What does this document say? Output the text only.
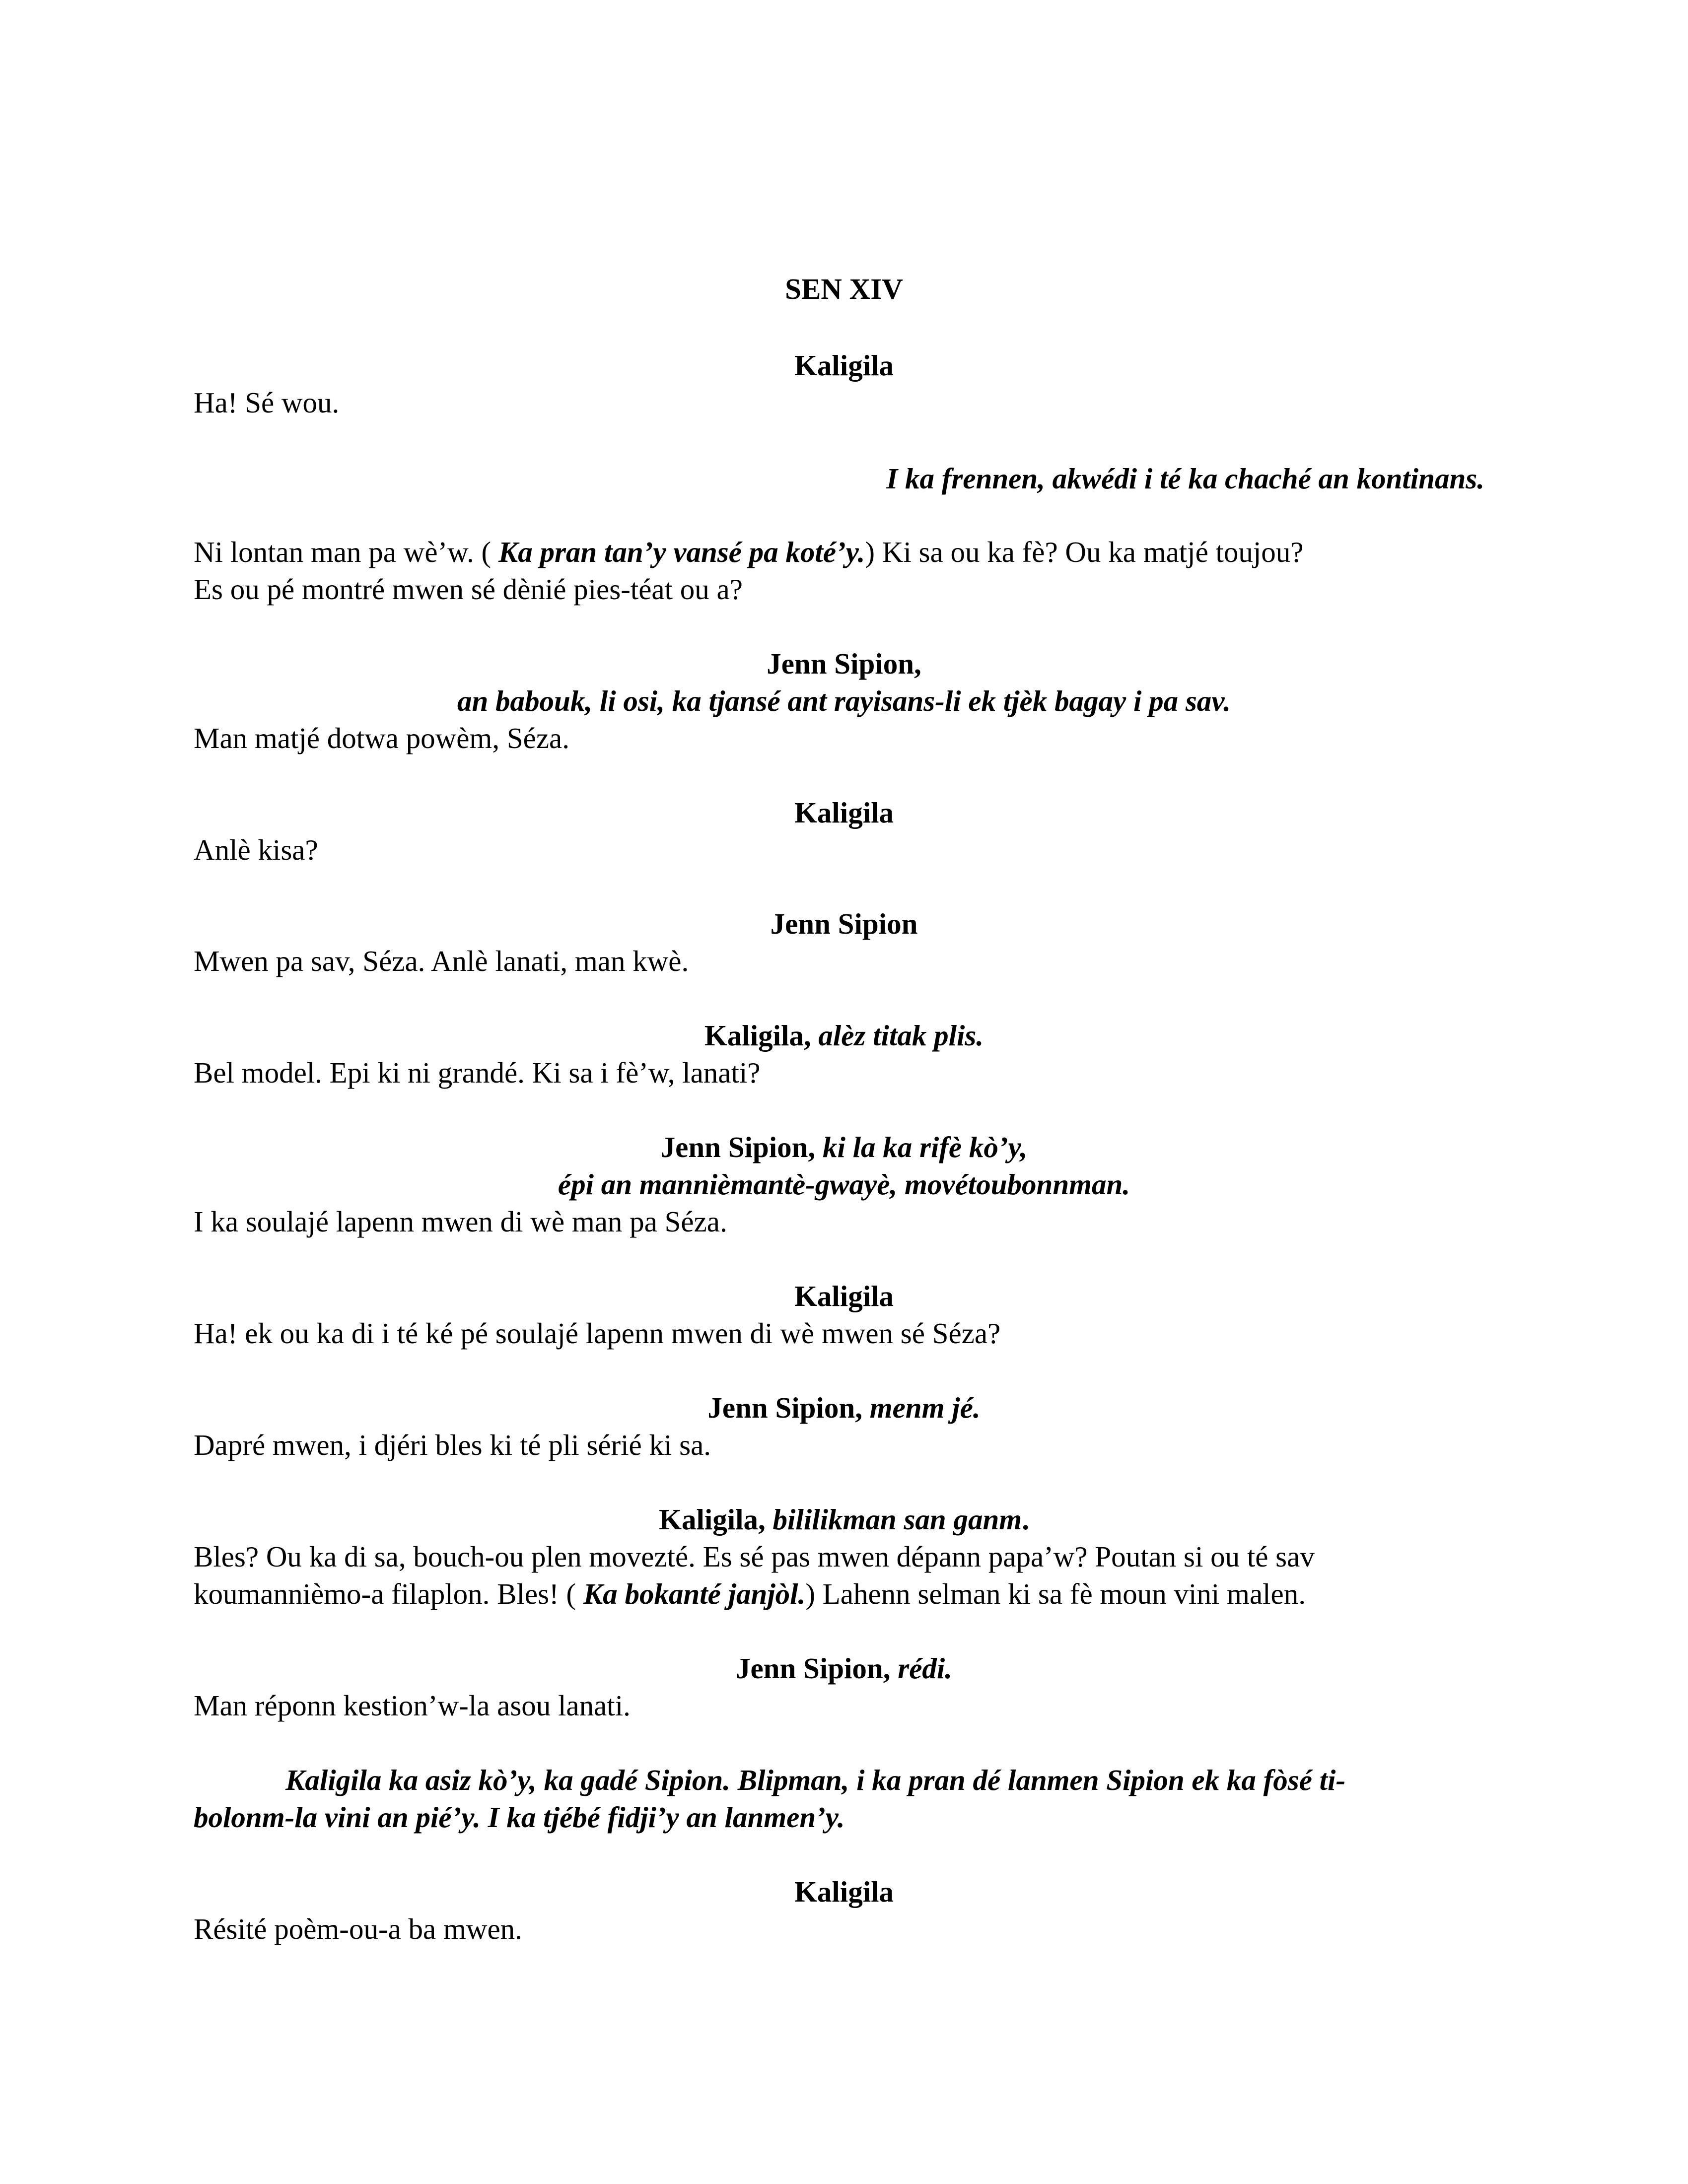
SEN XIV

Kaligila

Ha! Sé wou.

I ka frennen, akwédi i té ka chaché an kontinans.

Ni lontan man pa wè’w. ( Ka pran tan’y vansé pa koté’y.) Ki sa ou ka fè? Ou ka matjé toujou?

Es ou pé montré mwen sé dènié pies-téat ou a?

Jenn Sipion,

an babouk, li osi, ka tjansé ant rayisans-li ek tjèk bagay i pa sav.

Man matjé dotwa powèm, Séza.

Kaligila

Anlè kisa?

Jenn Sipion

Mwen pa sav, Séza. Anlè lanati, man kwè.

Kaligila, alèz titak plis.

Bel model. Epi ki ni grandé. Ki sa i fè’w, lanati?

Jenn Sipion, ki la ka rifè kò’y,

épi an mannièmantè-gwayè, movétoubonnman.

I ka soulajé lapenn mwen di wè man pa Séza.

Kaligila

Ha! ek ou ka di i té ké pé soulajé lapenn mwen di wè mwen sé Séza?

Jenn Sipion, menm jé.

Dapré mwen, i djéri bles ki té pli sérié ki sa.

Kaligila, bililikman san ganm.

Bles? Ou ka di sa, bouch-ou plen movezté. Es sé pas mwen dépann papa’w? Poutan si ou té sav

koumannièmo-a filaplon. Bles! ( Ka bokanté janjòl.) Lahenn selman ki sa fè moun vini malen.

Jenn Sipion, rédi.

Man réponn kestion’w-la asou lanati.

Kaligila ka asiz kò’y, ka gadé Sipion. Blipman, i ka pran dé lanmen Sipion ek ka fòsé ti-

bolonm-la vini an pié’y. I ka tjébé fidji’y an lanmen’y.

Kaligila

Résité poèm-ou-a ba mwen.
